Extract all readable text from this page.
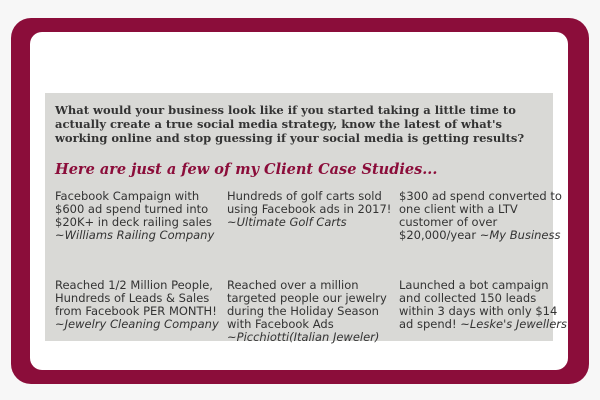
What would your business look like if you started taking a little time to actually create a true social media strategy, know the latest of what's working online and stop guessing if your social media is getting results?

Here are just a few of my Client Case Studies...

Facebook Campaign with $600 ad spend turned into $20K+ in deck railing sales ~Williams Railing Company

Hundreds of golf carts sold using Facebook ads in 2017! ~Ultimate Golf Carts

$300 ad spend converted to one client with a LTV customer of over $20,000/year ~My Business

Reached 1/2 Million People, Hundreds of Leads & Sales from Facebook PER MONTH! ~Jewelry Cleaning Company

Reached over a million targeted people our jewelry during the Holiday Season with Facebook Ads ~Picchiotti(Italian Jeweler)

Launched a bot campaign and collected 150 leads within 3 days with only $14 ad spend! ~Leske's Jewellers
